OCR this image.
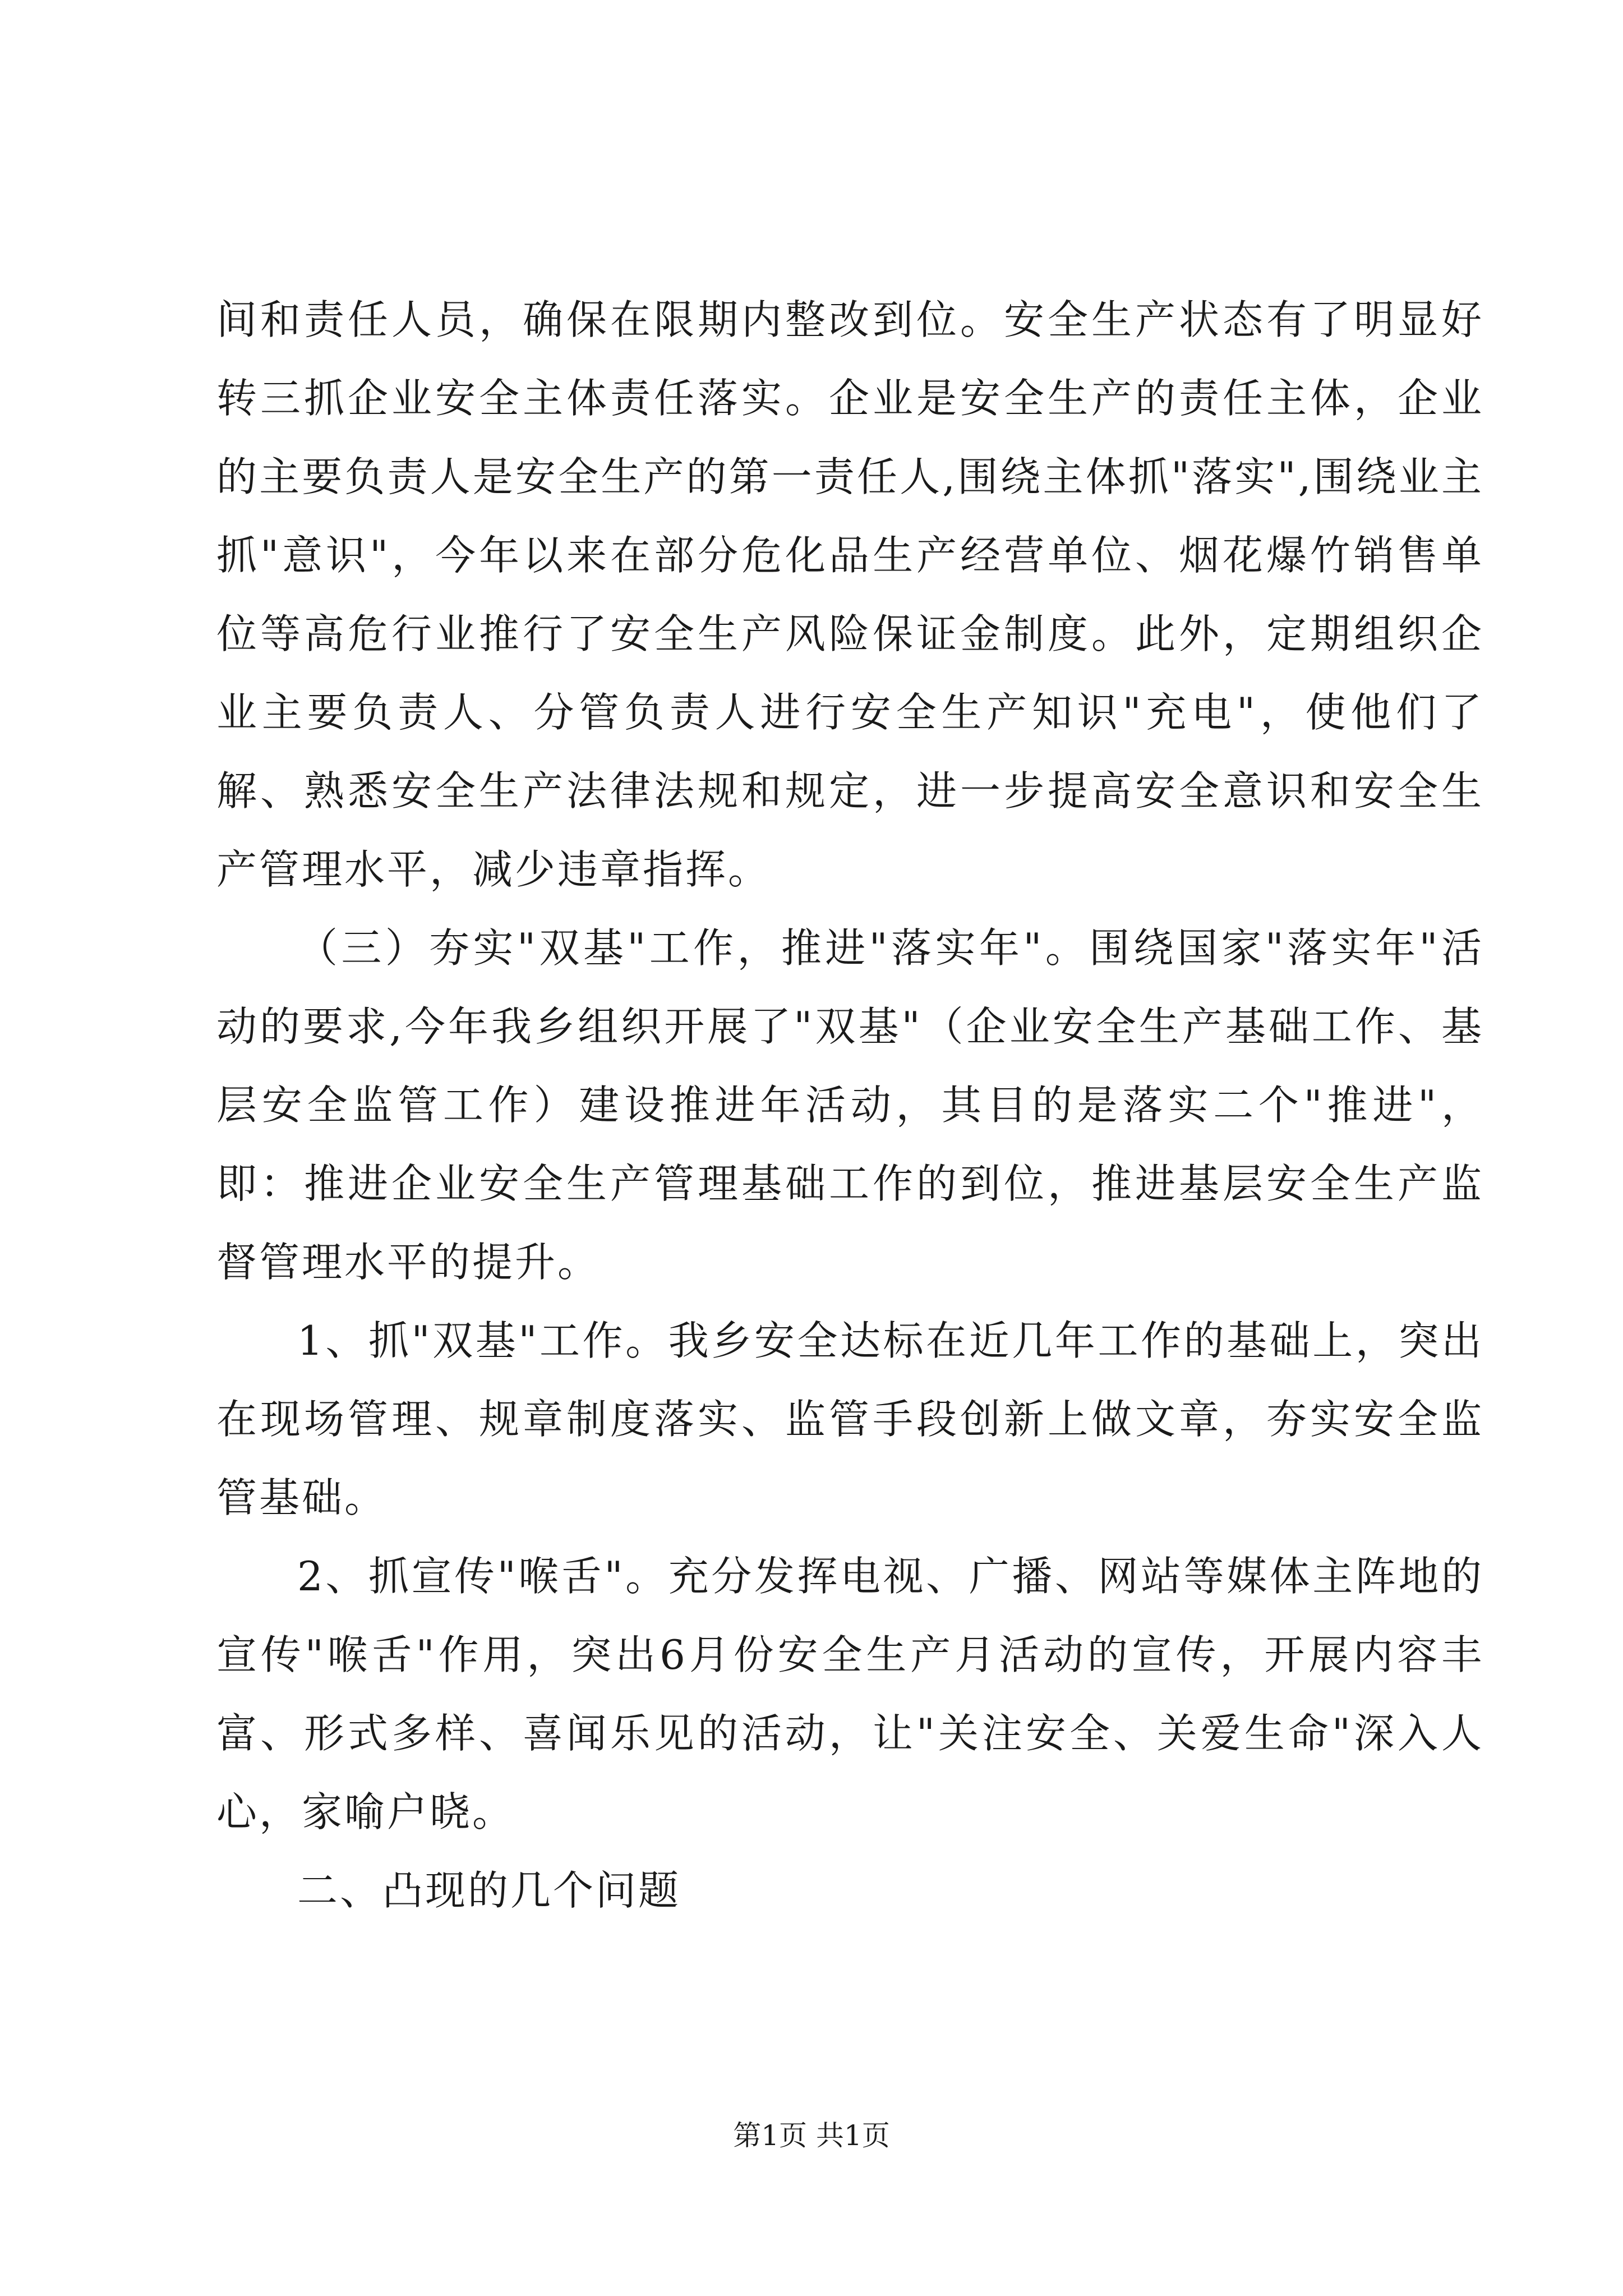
间和责任人员，确保在限期内整改到位。安全生产状态有了明显好转三抓企业安全主体责任落实。企业是安全生产的责任主体，企业的主要负责人是安全生产的第一责任人,围绕主体抓"落实",围绕业主抓"意识"，今年以来在部分危化品生产经营单位、烟花爆竹销售单位等高危行业推行了安全生产风险保证金制度。此外，定期组织企业主要负责人、分管负责人进行安全生产知识"充电"，使他们了解、熟悉安全生产法律法规和规定，进一步提高安全意识和安全生产管理水平，减少违章指挥。

（三）夯实"双基"工作，推进"落实年"。围绕国家"落实年"活动的要求,今年我乡组织开展了"双基"（企业安全生产基础工作、基层安全监管工作）建设推进年活动，其目的是落实二个"推进"，即：推进企业安全生产管理基础工作的到位，推进基层安全生产监督管理水平的提升。

1、抓"双基"工作。我乡安全达标在近几年工作的基础上，突出在现场管理、规章制度落实、监管手段创新上做文章，夯实安全监管基础。

2、抓宣传"喉舌"。充分发挥电视、广播、网站等媒体主阵地的宣传"喉舌"作用，突出6月份安全生产月活动的宣传，开展内容丰富、形式多样、喜闻乐见的活动，让"关注安全、关爱生命"深入人心，家喻户晓。

二、凸现的几个问题

第1页 共1页
